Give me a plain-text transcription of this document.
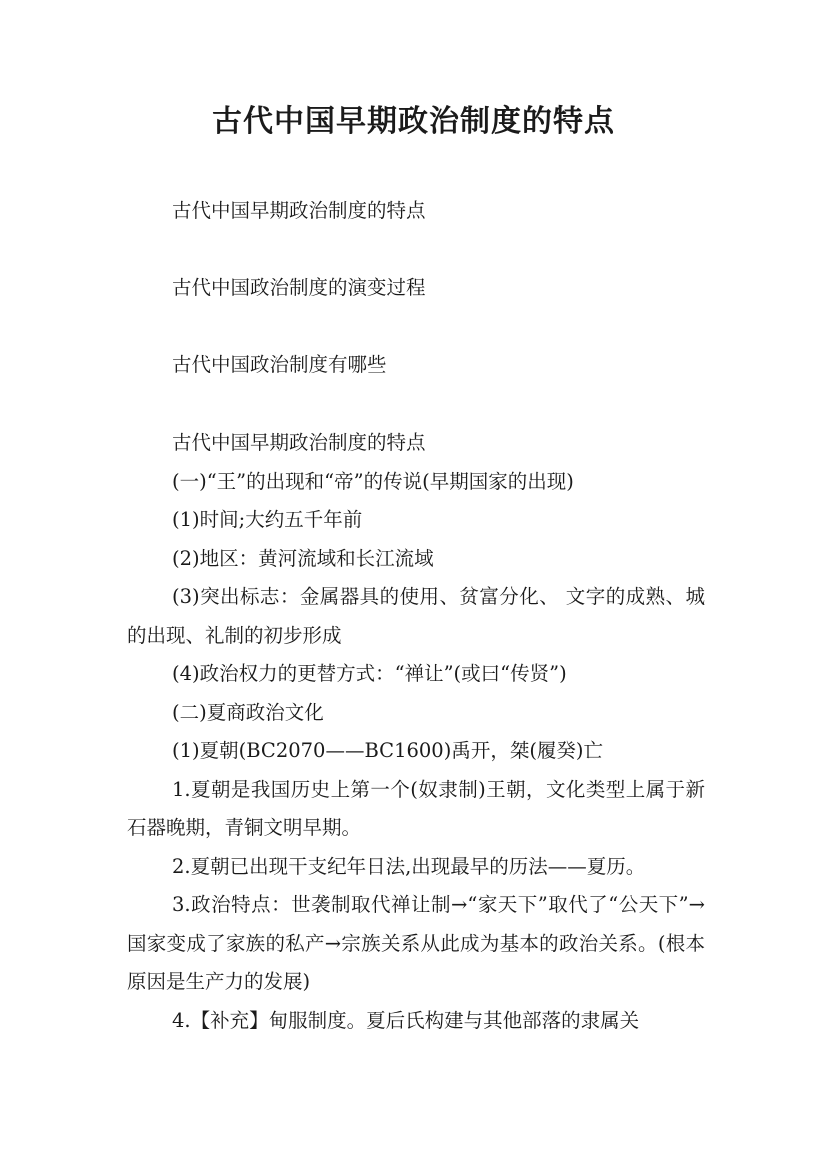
古代中国早期政治制度的特点

古代中国早期政治制度的特点

古代中国政治制度的演变过程

古代中国政治制度有哪些

古代中国早期政治制度的特点

(一)“王”的出现和“帝”的传说(早期国家的出现)

(1)时间;大约五千年前

(2)地区：黄河流域和长江流域

(3)突出标志：金属器具的使用、贫富分化、 文字的成熟、城的出现、礼制的初步形成

(4)政治权力的更替方式：“禅让”(或曰“传贤”)

(二)夏商政治文化

(1)夏朝(BC2070——BC1600)禹开，桀(履癸)亡

1.夏朝是我国历史上第一个(奴隶制)王朝，文化类型上属于新石器晚期，青铜文明早期。

2.夏朝已出现干支纪年日法,出现最早的历法——夏历。

3.政治特点：世袭制取代禅让制→“家天下”取代了“公天下”→国家变成了家族的私产→宗族关系从此成为基本的政治关系。(根本原因是生产力的发展)

4.【补充】甸服制度。夏后氏构建与其他部落的隶属关
